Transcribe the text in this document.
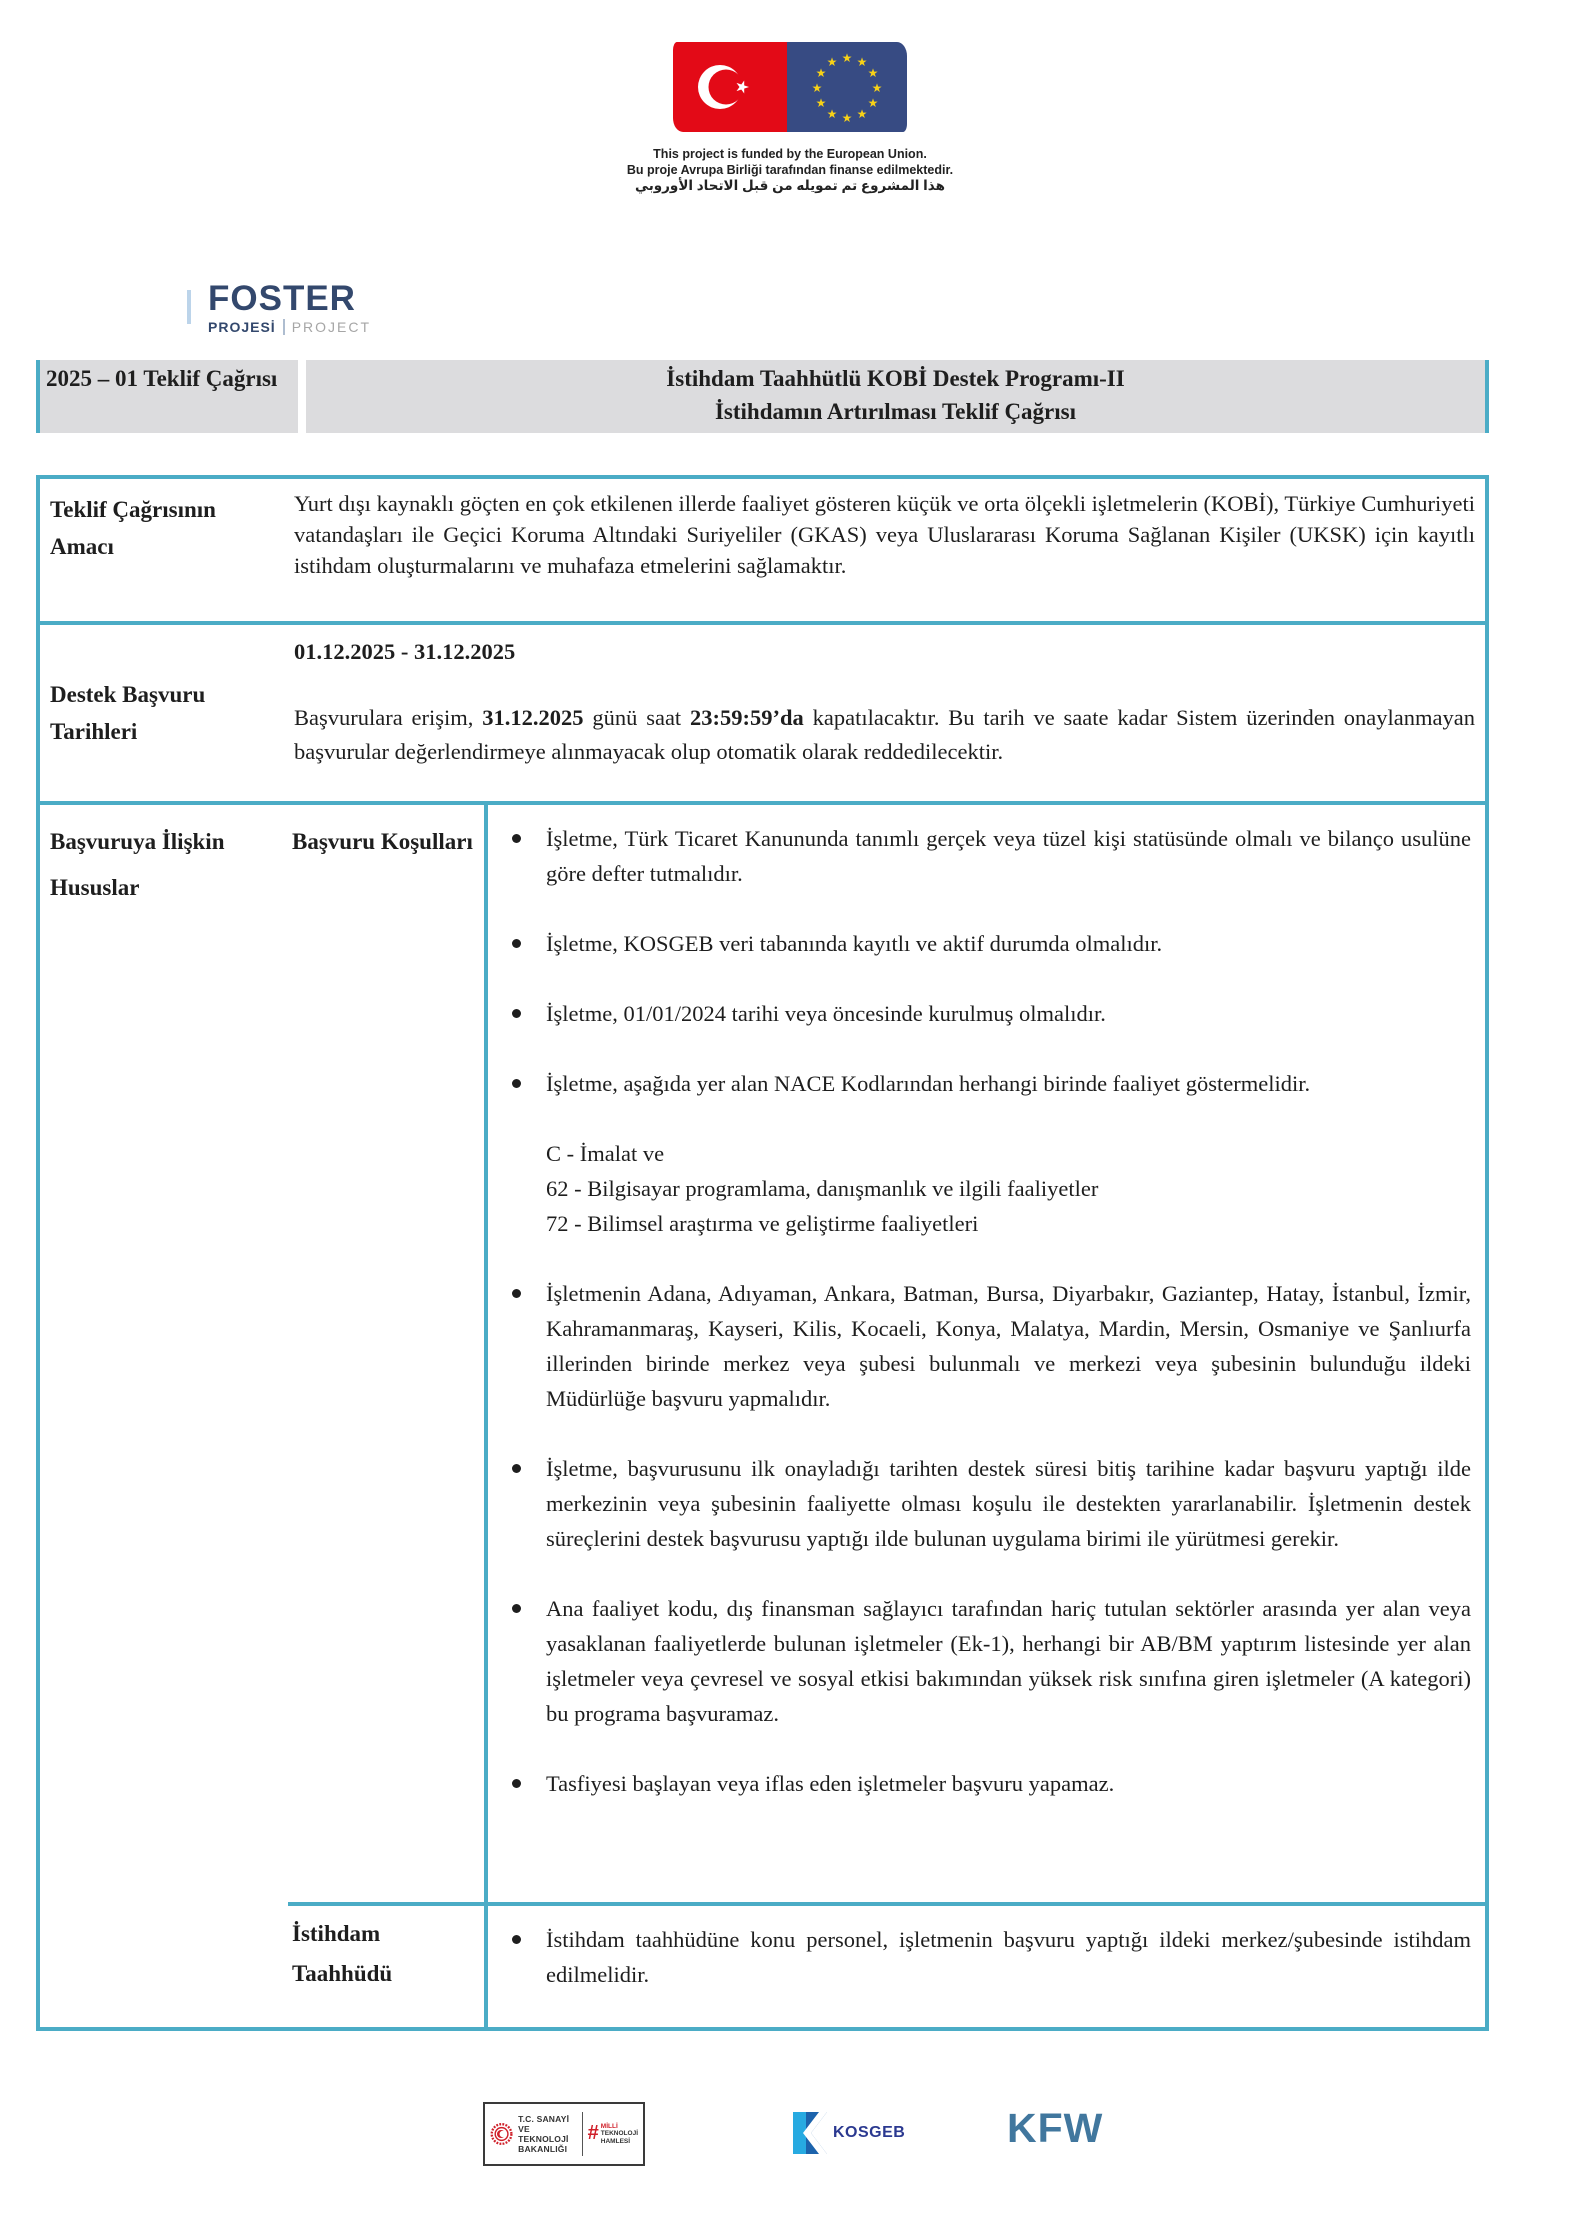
★ ★
★
★
★
★
★
★
★
★
★
★
This project is funded by the European Union.
Bu proje Avrupa Birliği tarafından finanse edilmektedir.
هذا المشروع تم تمويله من قبل الاتحاد الأوروبي
FOSTER
PROJESİ PROJECT
2025 – 01 Teklif Çağrısı	İstihdam Taahhütlü KOBİ Destek Programı-II
İstihdamın Artırılması Teklif Çağrısı
Teklif Çağrısının Amacı
Yurt dışı kaynaklı göçten en çok etkilenen illerde faaliyet gösteren küçük ve orta ölçekli işletmelerin (KOBİ), Türkiye Cumhuriyeti vatandaşları ile Geçici Koruma Altındaki Suriyeliler (GKAS) veya Uluslararası Koruma Sağlanan Kişiler (UKSK) için kayıtlı istihdam oluşturmalarını ve muhafaza etmelerini sağlamaktır.
Destek Başvuru Tarihleri
01.12.2025 - 31.12.2025
Başvurulara erişim, 31.12.2025 günü saat 23:59:59’da kapatılacaktır. Bu tarih ve saate kadar Sistem üzerinden onaylanmayan başvurular değerlendirmeye alınmayacak olup otomatik olarak reddedilecektir.
Başvuruya İlişkin Hususlar
Başvuru Koşulları	İşletme, Türk Ticaret Kanununda tanımlı gerçek veya tüzel kişi statüsünde olmalı ve bilanço usulüne göre defter tutmalıdır.
İşletme, KOSGEB veri tabanında kayıtlı ve aktif durumda olmalıdır.
İşletme, 01/01/2024 tarihi veya öncesinde kurulmuş olmalıdır.
İşletme, aşağıda yer alan NACE Kodlarından herhangi birinde faaliyet göstermelidir.
C - İmalat ve
62 - Bilgisayar programlama, danışmanlık ve ilgili faaliyetler
72 - Bilimsel araştırma ve geliştirme faaliyetleri
İşletmenin Adana, Adıyaman, Ankara, Batman, Bursa, Diyarbakır, Gaziantep, Hatay, İstanbul, İzmir, Kahramanmaraş, Kayseri, Kilis, Kocaeli, Konya, Malatya, Mardin, Mersin, Osmaniye ve Şanlıurfa illerinden birinde merkez veya şubesi bulunmalı ve merkezi veya şubesinin bulunduğu ildeki Müdürlüğe başvuru yapmalıdır.
İşletme, başvurusunu ilk onayladığı tarihten destek süresi bitiş tarihine kadar başvuru yaptığı ilde merkezinin veya şubesinin faaliyette olması koşulu ile destekten yararlanabilir. İşletmenin destek süreçlerini destek başvurusu yaptığı ilde bulunan uygulama birimi ile yürütmesi gerekir.
Ana faaliyet kodu, dış finansman sağlayıcı tarafından hariç tutulan sektörler arasında yer alan veya yasaklanan faaliyetlerde bulunan işletmeler (Ek-1), herhangi bir AB/BM yaptırım listesinde yer alan işletmeler veya çevresel ve sosyal etkisi bakımından yüksek risk sınıfına giren işletmeler (A kategori) bu programa başvuramaz.
Tasfiyesi başlayan veya iflas eden işletmeler başvuru yapamaz.
İstihdam Taahhüdü
İstihdam taahhüdüne konu personel, işletmenin başvuru yaptığı ildeki merkez/şubesinde istihdam edilmelidir.
T.C. SANAYİ VE
TEKNOLOJİ BAKANLIĞI
# MİLLİ
TEKNOLOJİ
HAMLESİ
KOSGEB KFW
